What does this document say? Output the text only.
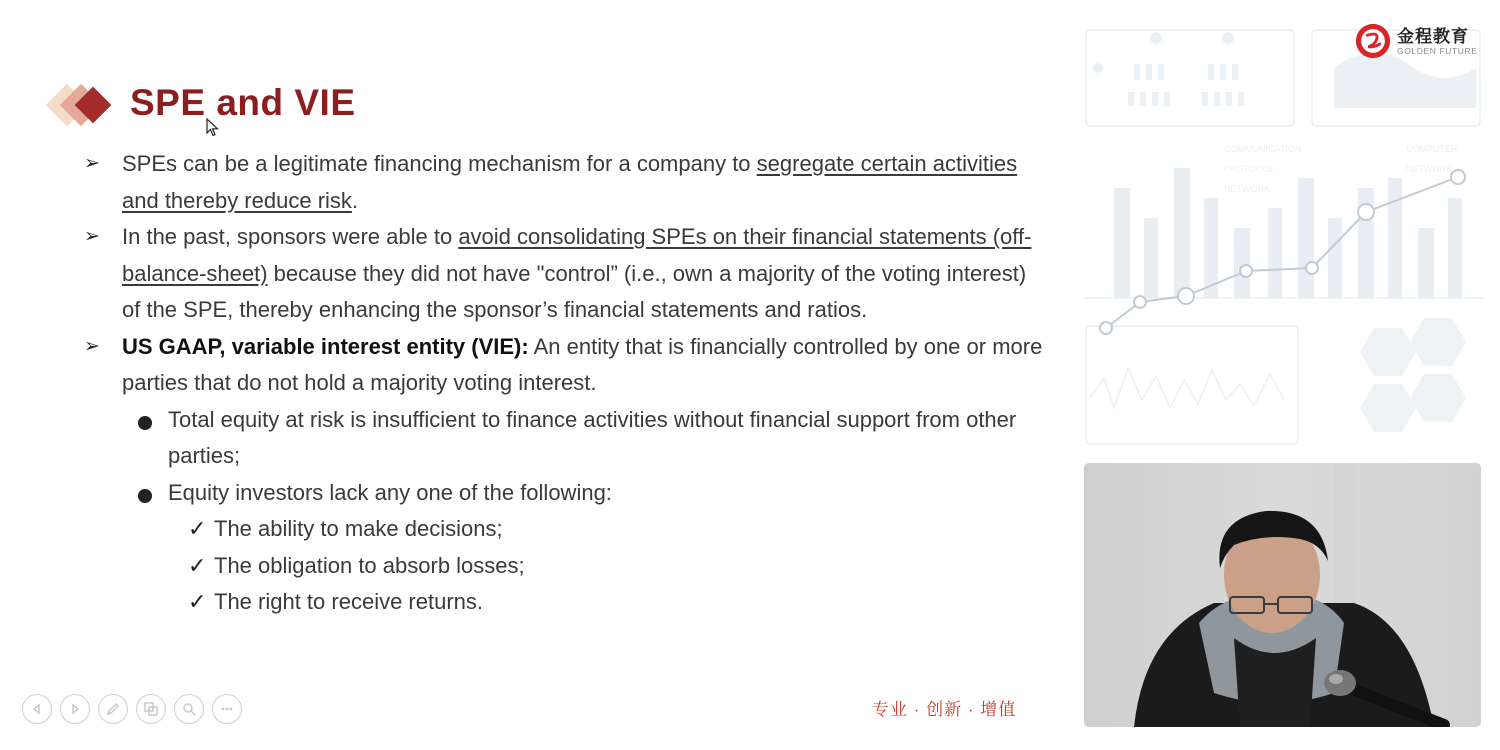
SPE and VIE
➢ SPEs can be a legitimate financing mechanism for a company to segregate certain activities and thereby reduce risk.
➢ In the past, sponsors were able to avoid consolidating SPEs on their financial statements (off-balance-sheet) because they did not have "control” (i.e., own a majority of the voting interest) of the SPE, thereby enhancing the sponsor’s financial statements and ratios.
➢ US GAAP, variable interest entity (VIE): An entity that is financially controlled by one or more parties that do not hold a majority voting interest.
Total equity at risk is insufficient to finance activities without financial support from other parties;
Equity investors lack any one of the following:
✓ The ability to make decisions;
✓ The obligation to absorb losses;
✓ The right to receive returns.
COMMUNICATION
PROTOCOL
NETWORK
COMPUTER
NETWORK
金程教育
GOLDEN FUTURE
专业 · 创新 · 增值
